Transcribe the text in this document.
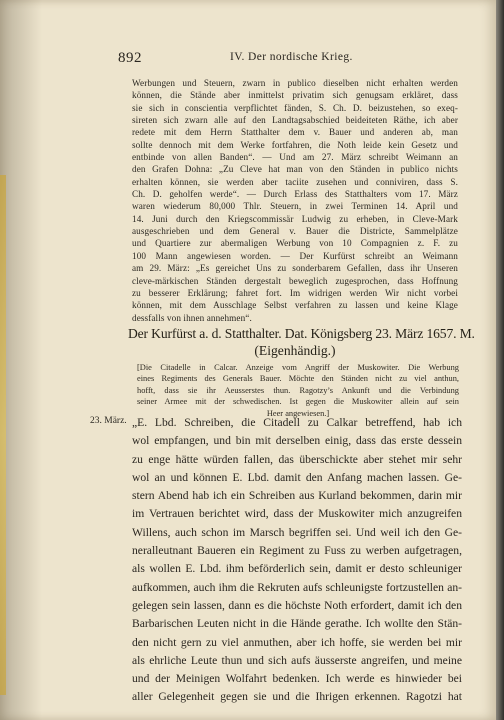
892	IV. Der nordische Krieg.
Werbungen und Steuern, zwarn in publico dieselben nicht erhalten werden
können, die Stände aber inmittelst privatim sich genugsam erkläret, dass
sie sich in conscientia verpflichtet fänden, S. Ch. D. beizustehen, so exeq-
sireten sich zwarn alle auf den Landtagsabschied beideiteten Räthe, ich aber
redete mit dem Herrn Statthalter dem v. Bauer und anderen ab, man
sollte dennoch mit dem Werke fortfahren, die Noth leide kein Gesetz und
entbinde von allen Banden“. — Und am 27. März schreibt Weimann an
den Grafen Dohna: „Zu Cleve hat man von den Ständen in publico nichts
erhalten können, sie werden aber taciite zusehen und conniviren, dass S.
Ch. D. geholfen werde“. — Durch Erlass des Statthalters vom 17. März
waren wiederum 80,000 Thlr. Steuern, in zwei Terminen 14. April und
14. Juni durch den Kriegscommissär Ludwig zu erheben, in Cleve-Mark
ausgeschrieben und dem General v. Bauer die Districte, Sammelplätze
und Quartiere zur abermaligen Werbung von 10 Compagnien z. F. zu
100 Mann angewiesen worden. — Der Kurfürst schreibt an Weimann
am 29. März: „Es gereichet Uns zu sonderbarem Gefallen, dass ihr Unseren
cleve-märkischen Ständen dergestalt beweglich zugesprochen, dass Hoffnung
zu besserer Erklärung; fahret fort. Im widrigen werden Wir nicht vorbei
können, mit dem Ausschlage Selbst verfahren zu lassen und keine Klage
dessfalls von ihnen annehmen“.
Der Kurfürst a. d. Statthalter. Dat. Königsberg 23. März 1657. M.
(Eigenhändig.)
[Die Citadelle in Calcar. Anzeige vom Angriff der Muskowiter. Die Werbung
eines Regiments des Generals Bauer. Möchte den Ständen nicht zu viel anthun,
hofft, dass sie ihr Aeusserstes thun. Ragotzy’s Ankunft und die Verbindung
seiner Armee mit der schwedischen. Ist gegen die Muskowiter allein auf sein
Heer angewiesen.]
23. März. „E. Lbd. Schreiben, die Citadell zu Calkar betreffend, hab ich
wol empfangen, und bin mit derselben einig, dass das erste dessein
zu enge hätte würden fallen, das überschickte aber stehet mir sehr
wol an und können E. Lbd. damit den Anfang machen lassen. Ge-
stern Abend hab ich ein Schreiben aus Kurland bekommen, darin mir
im Vertrauen berichtet wird, dass der Muskowiter mich anzugreifen
Willens, auch schon im Marsch begriffen sei. Und weil ich den Ge-
neralleutnant Baueren ein Regiment zu Fuss zu werben aufgetragen,
als wollen E. Lbd. ihm beförderlich sein, damit er desto schleuniger
aufkommen, auch ihm die Rekruten aufs schleunigste fortzustellen an-
gelegen sein lassen, dann es die höchste Noth erfordert, damit ich den
Barbarischen Leuten nicht in die Hände gerathe. Ich wollte den Stän-
den nicht gern zu viel anmuthen, aber ich hoffe, sie werden bei mir
als ehrliche Leute thun und sich aufs äusserste angreifen, und meine
und der Meinigen Wolfahrt bedenken. Ich werde es hinwieder bei
aller Gelegenheit gegen sie und die Ihrigen erkennen. Ragotzi hat
